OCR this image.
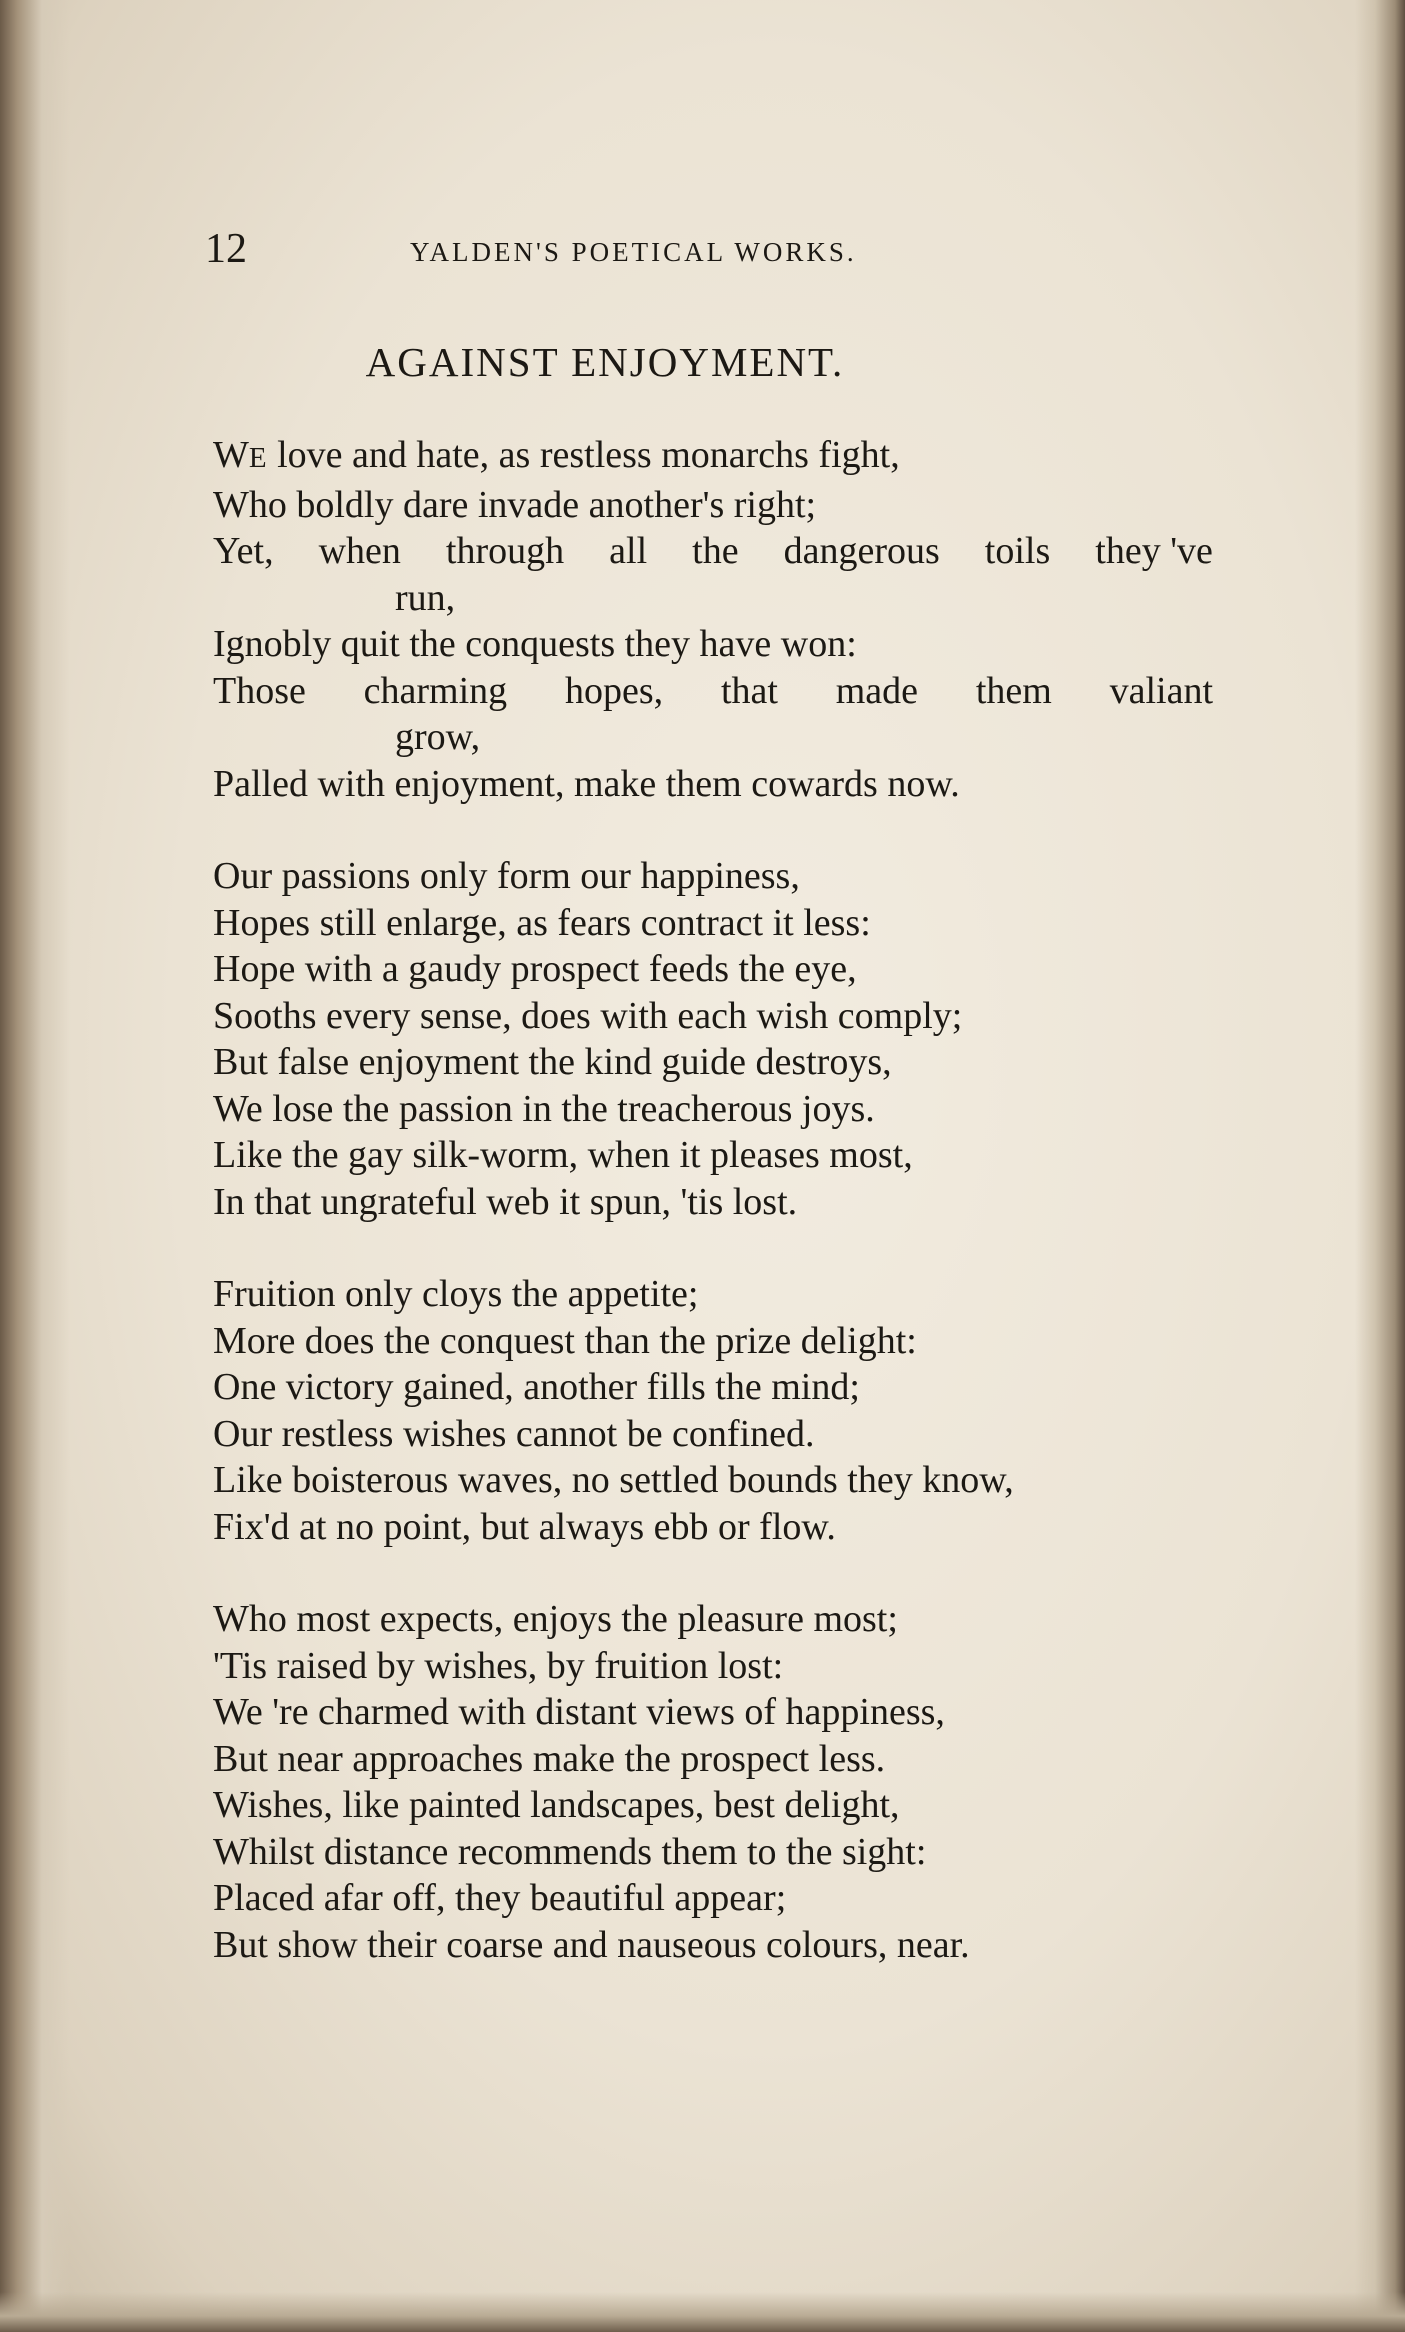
12	YALDEN'S POETICAL WORKS.
AGAINST ENJOYMENT.
WE love and hate, as restless monarchs fight,
Who boldly dare invade another's right;
Yet, when through all the dangerous toils they 've
run,
Ignobly quit the conquests they have won:
Those charming hopes, that made them valiant
grow,
Palled with enjoyment, make them cowards now.
Our passions only form our happiness,
Hopes still enlarge, as fears contract it less:
Hope with a gaudy prospect feeds the eye,
Sooths every sense, does with each wish comply;
But false enjoyment the kind guide destroys,
We lose the passion in the treacherous joys.
Like the gay silk-worm, when it pleases most,
In that ungrateful web it spun, 'tis lost.
Fruition only cloys the appetite;
More does the conquest than the prize delight:
One victory gained, another fills the mind;
Our restless wishes cannot be confined.
Like boisterous waves, no settled bounds they know,
Fix'd at no point, but always ebb or flow.
Who most expects, enjoys the pleasure most;
'Tis raised by wishes, by fruition lost:
We 're charmed with distant views of happiness,
But near approaches make the prospect less.
Wishes, like painted landscapes, best delight,
Whilst distance recommends them to the sight:
Placed afar off, they beautiful appear;
But show their coarse and nauseous colours, near.
